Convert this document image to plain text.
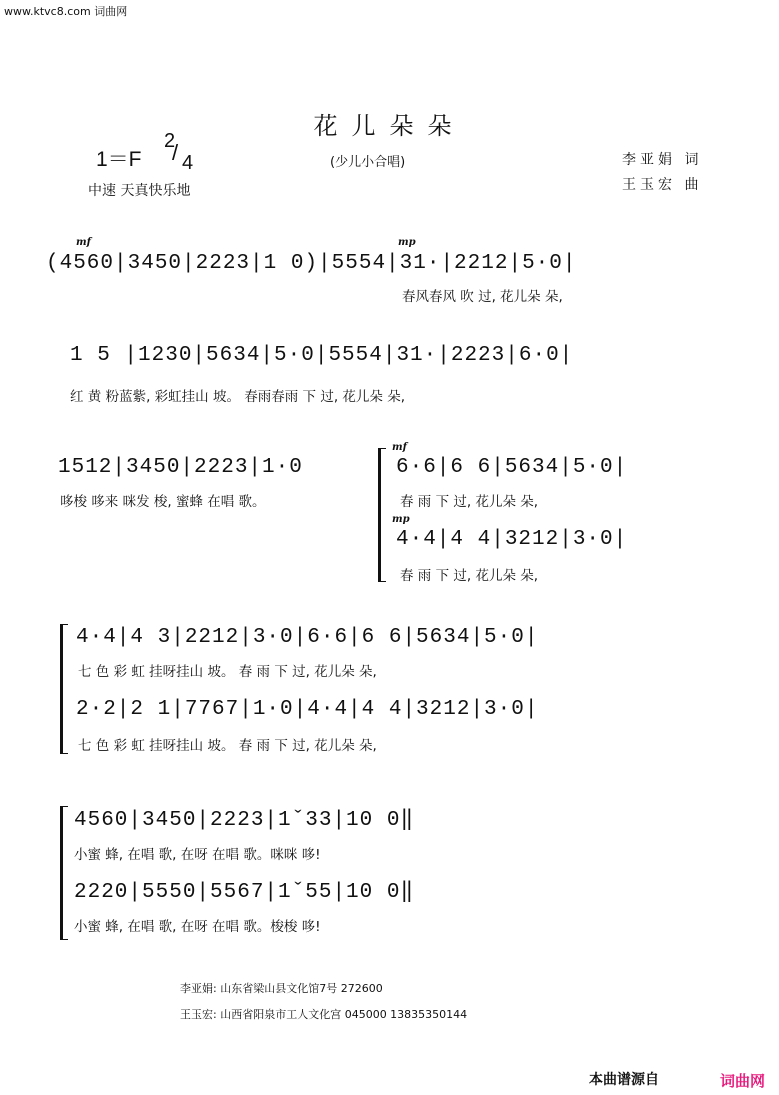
www.ktvc8.com 词曲网
花儿朵朵
1＝F
2
/ 4	(少儿小合唱)	李亚娟 词
王玉宏 曲
中速 天真快乐地
mf	mp
(4560|3450|2223|1 0)|5554|31·|2212|5·0|
春风春风 吹 过, 花儿朵 朵,
1 5 |1230|5634|5·0|5554|31·|2223|6·0|
红 黄 粉蓝紫, 彩虹挂山 坡。 春雨春雨 下 过, 花儿朵 朵,
1512|3450|2223|1·0
哆梭 哆来 咪发 梭, 蜜蜂 在唱 歌。
mf
6·6|6 6|5634|5·0|
春 雨 下 过, 花儿朵 朵,
mp
4·4|4 4|3212|3·0|
春 雨 下 过, 花儿朵 朵,
4·4|4 3|2212|3·0|6·6|6 6|5634|5·0|
七 色 彩 虹 挂呀挂山 坡。 春 雨 下 过, 花儿朵 朵,
2·2|2 1|7767|1·0|4·4|4 4|3212|3·0|
七 色 彩 虹 挂呀挂山 坡。 春 雨 下 过, 花儿朵 朵,
4560|3450|2223|1ˇ33|10 0‖
小蜜 蜂, 在唱 歌, 在呀 在唱 歌。咪咪 哆!
2220|5550|5567|1ˇ55|10 0‖
小蜜 蜂, 在唱 歌, 在呀 在唱 歌。梭梭 哆!
李亚娟: 山东省梁山县文化馆7号 272600
王玉宏: 山西省阳泉市工人文化宫 045000 13835350144
本曲谱源自	词曲网
